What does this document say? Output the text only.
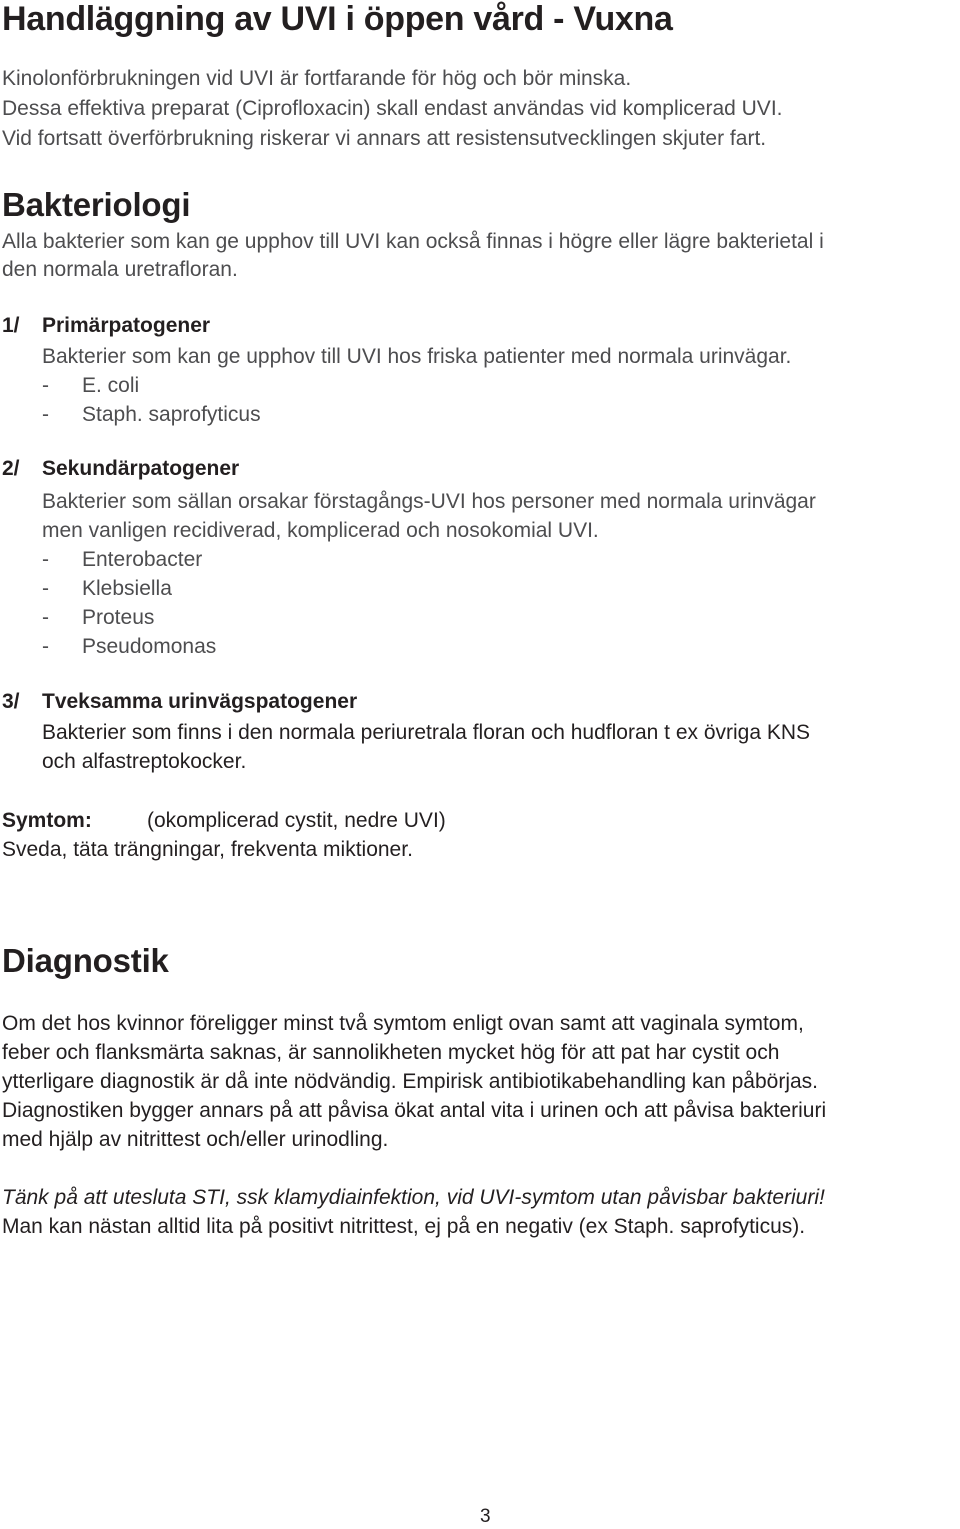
Handläggning av UVI i öppen vård - Vuxna
Kinolonförbrukningen vid UVI är fortfarande för hög och bör minska.
Dessa effektiva preparat (Ciprofloxacin) skall endast användas vid komplicerad UVI.
Vid fortsatt överförbrukning riskerar vi annars att resistensutvecklingen skjuter fart.
Bakteriologi
Alla bakterier som kan ge upphov till UVI kan också finnas i högre eller lägre bakterietal i
den normala uretrafloran.
1/ Primärpatogener
Bakterier som kan ge upphov till UVI hos friska patienter med normala urinvägar.
- E. coli
- Staph. saprofyticus
2/ Sekundärpatogener
Bakterier som sällan orsakar förstagångs-UVI hos personer med normala urinvägar
men vanligen recidiverad, komplicerad och nosokomial UVI.
- Enterobacter
- Klebsiella
- Proteus
- Pseudomonas
3/ Tveksamma urinvägspatogener
Bakterier som finns i den normala periuretrala floran och hudfloran t ex övriga KNS
och alfastreptokocker.
Symtom:	(okomplicerad cystit, nedre UVI)
Sveda, täta trängningar, frekventa miktioner.
Diagnostik
Om det hos kvinnor föreligger minst två symtom enligt ovan samt att vaginala symtom,
feber och flanksmärta saknas, är sannolikheten mycket hög för att pat har cystit och
ytterligare diagnostik är då inte nödvändig. Empirisk antibiotikabehandling kan påbörjas.
Diagnostiken bygger annars på att påvisa ökat antal vita i urinen och att påvisa bakteriuri
med hjälp av nitrittest och/eller urinodling.
Tänk på att utesluta STI, ssk klamydiainfektion, vid UVI-symtom utan påvisbar bakteriuri!
Man kan nästan alltid lita på positivt nitrittest, ej på en negativ (ex Staph. saprofyticus).
3
